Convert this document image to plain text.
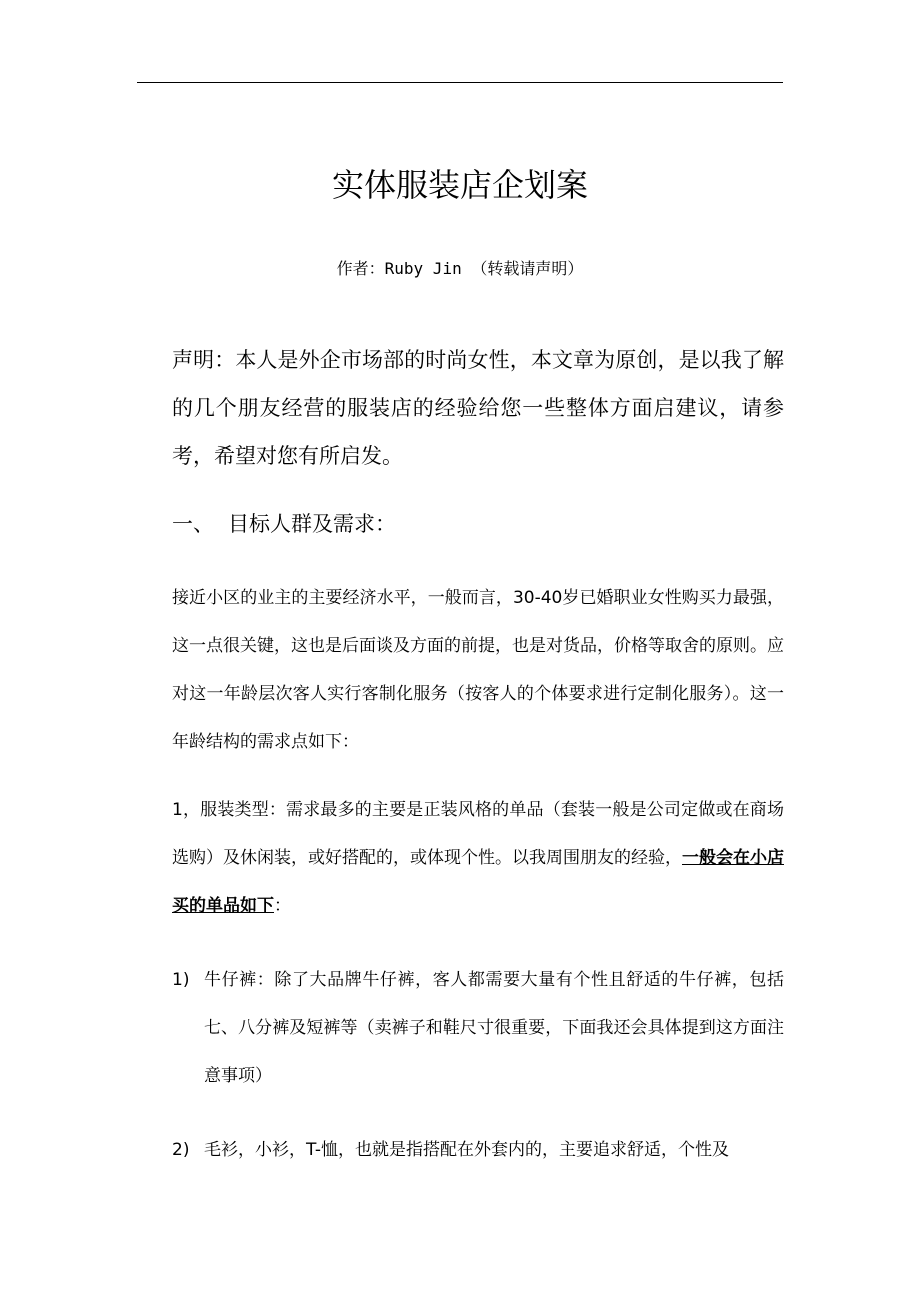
实体服装店企划案
作者：Ruby Jin （转载请声明）

声明：本人是外企市场部的时尚女性，本文章为原创，是以我了解的几个朋友经营的服装店的经验给您一些整体方面启建议，请参考，希望对您有所启发。

一、 目标人群及需求：

接近小区的业主的主要经济水平，一般而言，30-40岁已婚职业女性购买力最强，这一点很关键，这也是后面谈及方面的前提，也是对货品，价格等取舍的原则。应对这一年龄层次客人实行客制化服务（按客人的个体要求进行定制化服务）。这一年龄结构的需求点如下：

1，服装类型：需求最多的主要是正装风格的单品（套装一般是公司定做或在商场选购）及休闲装，或好搭配的，或体现个性。以我周围朋友的经验，一般会在小店买的单品如下：

1) 牛仔裤：除了大品牌牛仔裤，客人都需要大量有个性且舒适的牛仔裤，包括七、八分裤及短裤等（卖裤子和鞋尺寸很重要，下面我还会具体提到这方面注意事项）
2) 毛衫，小衫，T-恤，也就是指搭配在外套内的，主要追求舒适，个性及
